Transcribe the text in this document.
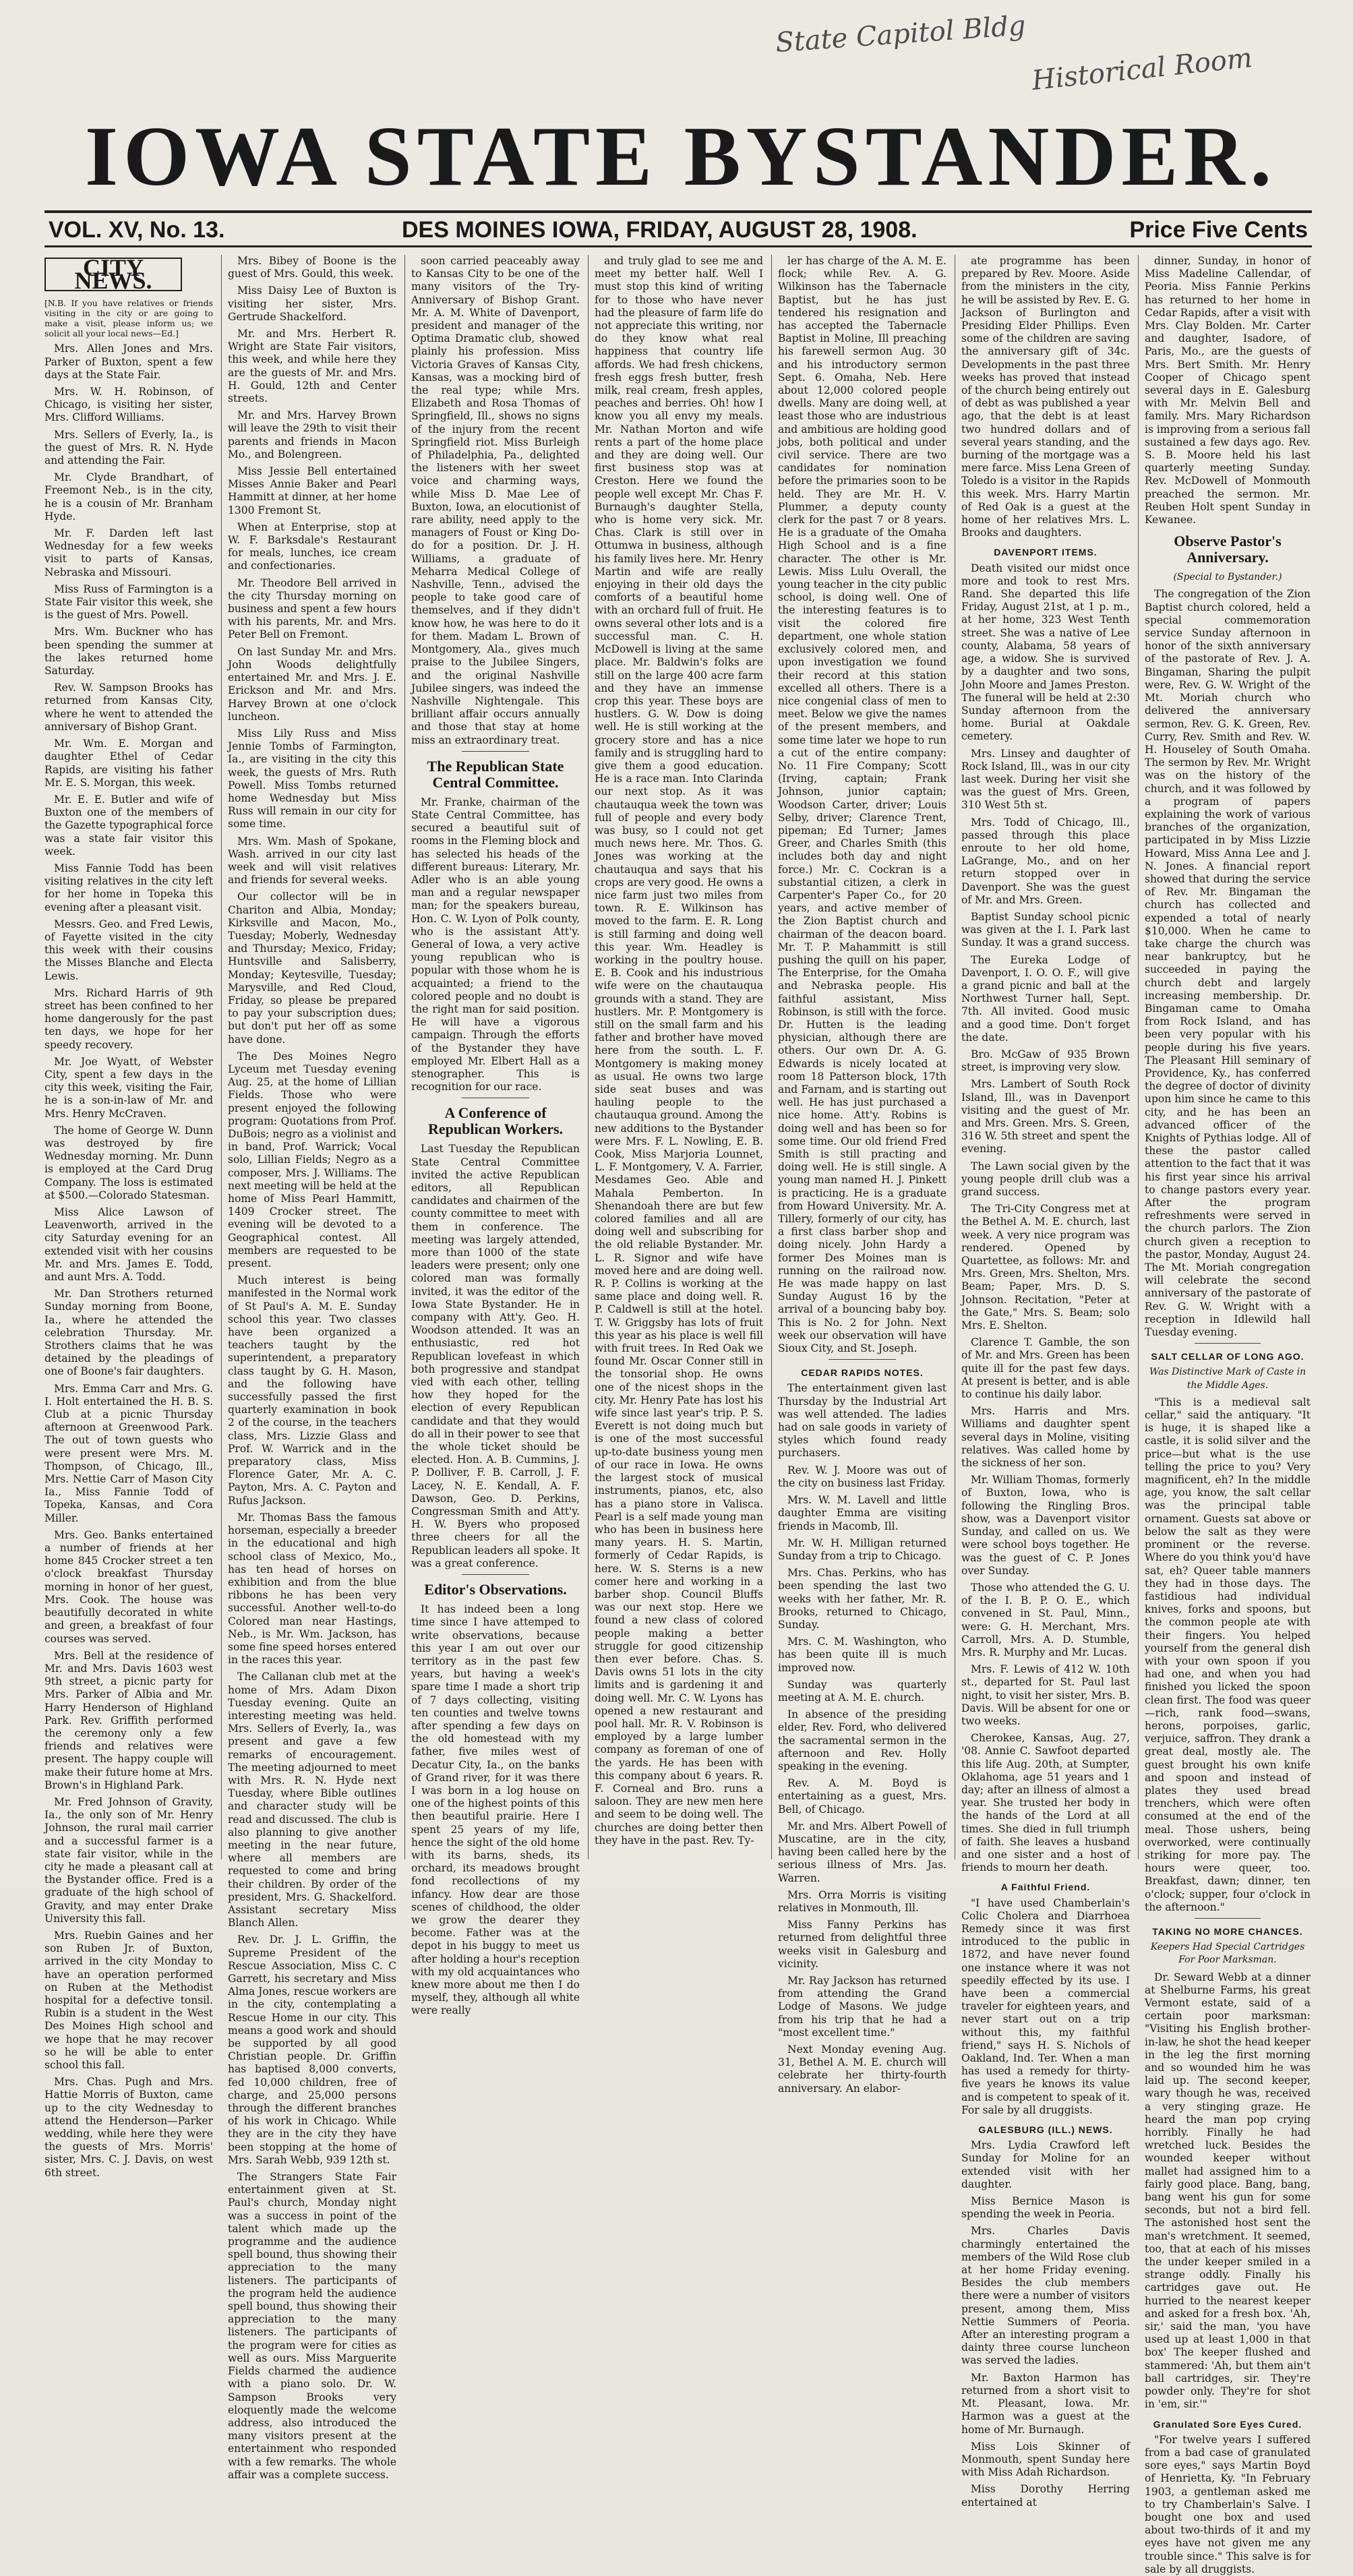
State Capitol Bldg
Historical Room
IOWA STATE BYSTANDER.
VOL. XV, No. 13.	DES MOINES IOWA, FRIDAY, AUGUST 28, 1908.	Price Five Cents
CITY NEWS.

[N.B. If you have relatives or friends visiting in the city or are going to make a visit, please inform us; we solicit all your local news—Ed.]

Mrs. Allen Jones and Mrs. Parker of Buxton, spent a few days at the State Fair.

Mrs. W. H. Robinson, of Chicago, is visiting her sister, Mrs. Clifford Williams.

Mrs. Sellers of Everly, Ia., is the guest of Mrs. R. N. Hyde and attending the Fair.

Mr. Clyde Brandhart, of Freemont Neb., is in the city, he is a cousin of Mr. Branham Hyde.

Mr. F. Darden left last Wednesday for a few weeks visit to parts of Kansas, Nebraska and Missouri.

Miss Russ of Farmington is a State Fair visitor this week, she is the guest of Mrs. Powell.

Mrs. Wm. Buckner who has been spending the summer at the lakes returned home Saturday.

Rev. W. Sampson Brooks has returned from Kansas City, where he went to attended the anniversary of Bishop Grant.

Mr. Wm. E. Morgan and daughter Ethel of Cedar Rapids, are visiting his father Mr. E. S. Morgan, this week.

Mr. E. E. Butler and wife of Buxton one of the members of the Gazette typographical force was a state fair visitor this week.

Miss Fannie Todd has been visiting relatives in the city left for her home in Topeka this evening after a pleasant visit.

Messrs. Geo. and Fred Lewis, of Fayette visited in the city this week with their cousins the Misses Blanche and Electa Lewis.

Mrs. Richard Harris of 9th street has been confined to her home dangerously for the past ten days, we hope for her speedy recovery.

Mr. Joe Wyatt, of Webster City, spent a few days in the city this week, visiting the Fair, he is a son-in-law of Mr. and Mrs. Henry McCraven.

The home of George W. Dunn was destroyed by fire Wednesday morning. Mr. Dunn is employed at the Card Drug Company. The loss is estimated at $500.—Colorado Statesman.

Miss Alice Lawson of Leavenworth, arrived in the city Saturday evening for an extended visit with her cousins Mr. and Mrs. James E. Todd, and aunt Mrs. A. Todd.

Mr. Dan Strothers returned Sunday morning from Boone, Ia., where he attended the celebration Thursday. Mr. Strothers claims that he was detained by the pleadings of one of Boone's fair daughters.

Mrs. Emma Carr and Mrs. G. I. Holt entertained the H. B. S. Club at a picnic Thursday afternoon at Greenwood Park. The out of town guests who were present were Mrs. M. Thompson, of Chicago, Ill., Mrs. Nettie Carr of Mason City Ia., Miss Fannie Todd of Topeka, Kansas, and Cora Miller.

Mrs. Geo. Banks entertained a number of friends at her home 845 Crocker street a ten o'clock breakfast Thursday morning in honor of her guest, Mrs. Cook. The house was beautifully decorated in white and green, a breakfast of four courses was served.

Mrs. Bell at the residence of Mr. and Mrs. Davis 1603 west 9th street, a picnic party for Mrs. Parker of Albia and Mr. Harry Henderson of Highland Park. Rev. Griffith performed the ceremony only a few friends and relatives were present. The happy couple will make their future home at Mrs. Brown's in Highland Park.

Mr. Fred Johnson of Gravity, Ia., the only son of Mr. Henry Johnson, the rural mail carrier and a successful farmer is a state fair visitor, while in the city he made a pleasant call at the Bystander office. Fred is a graduate of the high school of Gravity, and may enter Drake University this fall.

Mrs. Ruebin Gaines and her son Ruben Jr. of Buxton, arrived in the city Monday to have an operation performed on Ruben at the Methodist hospital for a defective tonsil. Rubin is a student in the West Des Moines High school and we hope that he may recover so he will be able to enter school this fall.

Mrs. Chas. Pugh and Mrs. Hattie Morris of Buxton, came up to the city Wednesday to attend the Henderson—Parker wedding, while here they were the guests of Mrs. Morris' sister, Mrs. C. J. Davis, on west 6th street.

Mrs. Bibey of Boone is the guest of Mrs. Gould, this week.

Miss Daisy Lee of Buxton is visiting her sister, Mrs. Gertrude Shackelford.

Mr. and Mrs. Herbert R. Wright are State Fair visitors, this week, and while here they are the guests of Mr. and Mrs. H. Gould, 12th and Center streets.

Mr. and Mrs. Harvey Brown will leave the 29th to visit their parents and friends in Macon Mo., and Bolengreen.

Miss Jessie Bell entertained Misses Annie Baker and Pearl Hammitt at dinner, at her home 1300 Fremont St.

When at Enterprise, stop at W. F. Barksdale's Restaurant for meals, lunches, ice cream and confectionaries.

Mr. Theodore Bell arrived in the city Thursday morning on business and spent a few hours with his parents, Mr. and Mrs. Peter Bell on Fremont.

On last Sunday Mr. and Mrs. John Woods delightfully entertained Mr. and Mrs. J. E. Erickson and Mr. and Mrs. Harvey Brown at one o'clock luncheon.

Miss Lily Russ and Miss Jennie Tombs of Farmington, Ia., are visiting in the city this week, the guests of Mrs. Ruth Powell. Miss Tombs returned home Wednesday but Miss Russ will remain in our city for some time.

Mrs. Wm. Mash of Spokane, Wash. arrived in our city last week and will visit relatives and friends for several weeks.

Our collector will be in Chariton and Albia, Monday; Kirksville and Macon, Mo., Tuesday; Moberly, Wednesday and Thursday; Mexico, Friday; Huntsville and Salisberry, Monday; Keytesville, Tuesday; Marysville, and Red Cloud, Friday, so please be prepared to pay your subscription dues; but don't put her off as some have done.

The Des Moines Negro Lyceum met Tuesday evening Aug. 25, at the home of Lillian Fields. Those who were present enjoyed the following program: Quotations from Prof. DuBois; negro as a violinist and in band, Prof. Warrick; Vocal solo, Lillian Fields; Negro as a composer, Mrs. J. Williams. The next meeting will be held at the home of Miss Pearl Hammitt, 1409 Crocker street. The evening will be devoted to a Geographical contest. All members are requested to be present.

Much interest is being manifested in the Normal work of St Paul's A. M. E. Sunday school this year. Two classes have been organized a teachers taught by the superintendent, a preparatory class taught by G. H. Mason, and the following have successfully passed the first quarterly examination in book 2 of the course, in the teachers class, Mrs. Lizzie Glass and Prof. W. Warrick and in the preparatory class, Miss Florence Gater, Mr. A. C. Payton, Mrs. A. C. Payton and Rufus Jackson.

Mr. Thomas Bass the famous horseman, especially a breeder in the educational and high school class of Mexico, Mo., has ten head of horses on exhibition and from the blue ribbons he has been very successful. Another well-to-do Colored man near Hastings, Neb., is Mr. Wm. Jackson, has some fine speed horses entered in the races this year.

The Callanan club met at the home of Mrs. Adam Dixon Tuesday evening. Quite an interesting meeting was held. Mrs. Sellers of Everly, Ia., was present and gave a few remarks of encouragement. The meeting adjourned to meet with Mrs. R. N. Hyde next Tuesday, where Bible outlines and character study will be read and discussed. The club is also planning to give another meeting in the near future, where all members are requested to come and bring their children. By order of the president, Mrs. G. Shackelford. Assistant secretary Miss Blanch Allen.

Rev. Dr. J. L. Griffin, the Supreme President of the Rescue Association, Miss C. C Garrett, his secretary and Miss Alma Jones, rescue workers are in the city, contemplating a Rescue Home in our city. This means a good work and should be supported by all good Christian people. Dr. Griffin has baptised 8,000 converts, fed 10,000 children, free of charge, and 25,000 persons through the different branches of his work in Chicago. While they are in the city they have been stopping at the home of Mrs. Sarah Webb, 939 12th st.

The Strangers State Fair entertainment given at St. Paul's church, Monday night was a success in point of the talent which made up the programme and the audience spell bound, thus showing their appreciation to the many listeners. The participants of the program held the audience spell bound, thus showing their appreciation to the many listeners. The participants of the program were for cities as well as ours. Miss Marguerite Fields charmed the audience with a piano solo. Dr. W. Sampson Brooks very eloquently made the welcome address, also introduced the many visitors present at the entertainment who responded with a few remarks. The whole affair was a complete success.

soon carried peaceably away to Kansas City to be one of the many visitors of the Try-Anniversary of Bishop Grant. Mr. A. M. White of Davenport, president and manager of the Optima Dramatic club, showed plainly his profession. Miss Victoria Graves of Kansas City, Kansas, was a mocking bird of the real type; while Mrs. Elizabeth and Rosa Thomas of Springfield, Ill., shows no signs of the injury from the recent Springfield riot. Miss Burleigh of Philadelphia, Pa., delighted the listeners with her sweet voice and charming ways, while Miss D. Mae Lee of Buxton, Iowa, an elocutionist of rare ability, need apply to the managers of Foust or King Do-do for a position. Dr. J. H. Williams, a graduate of Meharra Medical College of Nashville, Tenn., advised the people to take good care of themselves, and if they didn't know how, he was here to do it for them. Madam L. Brown of Montgomery, Ala., gives much praise to the Jubilee Singers, and the original Nashville Jubilee singers, was indeed the Nashville Nightengale. This brilliant affair occurs annually and those that stay at home miss an extraordinary treat.

The Republican State Central Committee.

Mr. Franke, chairman of the State Central Committee, has secured a beautiful suit of rooms in the Fleming block and has selected his heads of the different bureaus: Literary, Mr. Adler who is an able young man and a regular newspaper man; for the speakers bureau, Hon. C. W. Lyon of Polk county, who is the assistant Att'y. General of Iowa, a very active young republican who is popular with those whom he is acquainted; a friend to the colored people and no doubt is the right man for said position. He will have a vigorous campaign. Through the efforts of the Bystander they have employed Mr. Elbert Hall as a stenographer. This is recognition for our race.

A Conference of Republican Workers.

Last Tuesday the Republican State Central Committee invited the active Republican editors, all Republican candidates and chairmen of the county committee to meet with them in conference. The meeting was largely attended, more than 1000 of the state leaders were present; only one colored man was formally invited, it was the editor of the Iowa State Bystander. He in company with Att'y. Geo. H. Woodson attended. It was an enthusiastic, red hot Republican lovefeast in which both progressive and standpat vied with each other, telling how they hoped for the election of every Republican candidate and that they would do all in their power to see that the whole ticket should be elected. Hon. A. B. Cummins, J. P. Dolliver, F. B. Carroll, J. F. Lacey, N. E. Kendall, A. F. Dawson, Geo. D. Perkins, Congressman Smith and Att'y. H. W. Byers who proposed three cheers for all the Republican leaders all spoke. It was a great conference.

Editor's Observations.

It has indeed been a long time since I have attemped to write observations, because this year I am out over our territory as in the past few years, but having a week's spare time I made a short trip of 7 days collecting, visiting ten counties and twelve towns after spending a few days on the old homestead with my father, five miles west of Decatur City, Ia., on the banks of Grand river, for it was there I was born in a log house on one of the highest points of this then beautiful prairie. Here I spent 25 years of my life, hence the sight of the old home with its barns, sheds, its orchard, its meadows brought fond recollections of my infancy. How dear are those scenes of childhood, the older we grow the dearer they become. Father was at the depot in his buggy to meet us after holding a hour's reception with my old acquaintances who knew more about me then I do myself, they, although all white were really

and truly glad to see me and meet my better half. Well I must stop this kind of writing for to those who have never had the pleasure of farm life do not appreciate this writing, nor do they know what real happiness that country life affords. We had fresh chickens, fresh eggs fresh butter, fresh milk, real cream, fresh apples, peaches and berries. Oh! how I know you all envy my meals. Mr. Nathan Morton and wife rents a part of the home place and they are doing well. Our first business stop was at Creston. Here we found the people well except Mr. Chas F. Burnaugh's daughter Stella, who is home very sick. Mr. Chas. Clark is still over in Ottumwa in business, although his family lives here. Mr. Henry Martin and wife are really enjoying in their old days the comforts of a beautiful home with an orchard full of fruit. He owns several other lots and is a successful man. C. H. McDowell is living at the same place. Mr. Baldwin's folks are still on the large 400 acre farm and they have an immense crop this year. These boys are hustlers. G. W. Dow is doing well. He is still working at the grocery store and has a nice family and is struggling hard to give them a good education. He is a race man. Into Clarinda our next stop. As it was chautauqua week the town was full of people and every body was busy, so I could not get much news here. Mr. Thos. G. Jones was working at the chautauqua and says that his crops are very good. He owns a nice farm just two miles from town. R. E. Wilkinson has moved to the farm. E. R. Long is still farming and doing well this year. Wm. Headley is working in the poultry house. E. B. Cook and his industrious wife were on the chautauqua grounds with a stand. They are hustlers. Mr. P. Montgomery is still on the small farm and his father and brother have moved here from the south. L. F. Montgomery is making money as usual. He owns two large side seat buses and was hauling people to the chautauqua ground. Among the new additions to the Bystander were Mrs. F. L. Nowling, E. B. Cook, Miss Marjoria Lounnet, L. F. Montgomery, V. A. Farrier, Mesdames Geo. Able and Mahala Pemberton. In Shenandoah there are but few colored families and all are doing well and subscribing for the old reliable Bystander. Mr. L. R. Signor and wife have moved here and are doing well. R. P. Collins is working at the same place and doing well. R. P. Caldwell is still at the hotel. T. W. Griggsby has lots of fruit this year as his place is well fill with fruit trees. In Red Oak we found Mr. Oscar Conner still in the tonsorial shop. He owns one of the nicest shops in the city. Mr. Henry Pate has lost his wife since last year's trip. P. S. Everett is not doing much but is one of the most successful up-to-date business young men of our race in Iowa. He owns the largest stock of musical instruments, pianos, etc, also has a piano store in Valisca. Pearl is a self made young man who has been in business here many years. H. S. Martin, formerly of Cedar Rapids, is here. W. S. Sterns is a new comer here and working in a barber shop. Council Bluffs was our next stop. Here we found a new class of colored people making a better struggle for good citizenship then ever before. Chas. S. Davis owns 51 lots in the city limits and is gardening it and doing well. Mr. C. W. Lyons has opened a new restaurant and pool hall. Mr. R. V. Robinson is employed by a large lumber company as foreman of one of the yards. He has been with this company about 6 years. R. F. Corneal and Bro. runs a saloon. They are new men here and seem to be doing well. The churches are doing better then they have in the past. Rev. Ty-

ler has charge of the A. M. E. flock; while Rev. A. G. Wilkinson has the Tabernacle Baptist, but he has just tendered his resignation and has accepted the Tabernacle Baptist in Moline, Ill preaching his farewell sermon Aug. 30 and his introductory sermon Sept. 6. Omaha, Neb. Here about 12,000 colored people dwells. Many are doing well, at least those who are industrious and ambitious are holding good jobs, both political and under civil service. There are two candidates for nomination before the primaries soon to be held. They are Mr. H. V. Plummer, a deputy county clerk for the past 7 or 8 years. He is a graduate of the Omaha High School and is a fine character. The other is Mr. Lewis. Miss Lulu Overall, the young teacher in the city public school, is doing well. One of the interesting features is to visit the colored fire department, one whole station exclusively colored men, and upon investigation we found their record at this station excelled all others. There is a nice congenial class of men to meet. Below we give the names of the present members, and some time later we hope to run a cut of the entire company: No. 11 Fire Company; Scott (Irving, captain; Frank Johnson, junior captain; Woodson Carter, driver; Louis Selby, driver; Clarence Trent, pipeman; Ed Turner; James Greer, and Charles Smith (this includes both day and night force.) Mr. C. Cockran is a substantial citizen, a clerk in Carpenter's Paper Co., for 20 years, and active member of the Zion Baptist church and chairman of the deacon board. Mr. T. P. Mahammitt is still pushing the quill on his paper, The Enterprise, for the Omaha and Nebraska people. His faithful assistant, Miss Robinson, is still with the force. Dr. Hutten is the leading physician, although there are others. Our own Dr. A. G. Edwards is nicely located at room 18 Patterson block, 17th and Farnam, and is starting out well. He has just purchased a nice home. Att'y. Robins is doing well and has been so for some time. Our old friend Fred Smith is still practing and doing well. He is still single. A young man named H. J. Pinkett is practicing. He is a graduate from Howard University. Mr. A. Tillery, formerly of our city, has a first class barber shop and doing nicely. John Hardy a former Des Moines man is running on the railroad now. He was made happy on last Sunday August 16 by the arrival of a bouncing baby boy. This is No. 2 for John. Next week our observation will have Sioux City, and St. Joseph.

CEDAR RAPIDS NOTES.

The entertainment given last Thursday by the Industrial Art was well attended. The ladies had on sale goods in variety of styles which found ready purchasers.

Rev. W. J. Moore was out of the city on business last Friday.

Mrs. W. M. Lavell and little daughter Emma are visiting friends in Macomb, Ill.

Mr. W. H. Milligan returned Sunday from a trip to Chicago.

Mrs. Chas. Perkins, who has been spending the last two weeks with her father, Mr. R. Brooks, returned to Chicago, Sunday.

Mrs. C. M. Washington, who has been quite ill is much improved now.

Sunday was quarterly meeting at A. M. E. church.

In absence of the presiding elder, Rev. Ford, who delivered the sacramental sermon in the afternoon and Rev. Holly speaking in the evening.

Rev. A. M. Boyd is entertaining as a guest, Mrs. Bell, of Chicago.

Mr. and Mrs. Albert Powell of Muscatine, are in the city, having been called here by the serious illness of Mrs. Jas. Warren.

Mrs. Orra Morris is visiting relatives in Monmouth, Ill.

Miss Fanny Perkins has returned from delightful three weeks visit in Galesburg and vicinity.

Mr. Ray Jackson has returned from attending the Grand Lodge of Masons. We judge from his trip that he had a "most excellent time."

Next Monday evening Aug. 31, Bethel A. M. E. church will celebrate her thirty-fourth anniversary. An elabor-

ate programme has been prepared by Rev. Moore. Aside from the ministers in the city, he will be assisted by Rev. E. G. Jackson of Burlington and Presiding Elder Phillips. Even some of the children are saving the anniversary gift of 34c. Developments in the past three weeks has proved that instead of the church being entirely out of debt as was published a year ago, that the debt is at least two hundred dollars and of several years standing, and the burning of the mortgage was a mere farce. Miss Lena Green of Toledo is a visitor in the Rapids this week. Mrs. Harry Martin of Red Oak is a guest at the home of her relatives Mrs. L. Brooks and daughters.

DAVENPORT ITEMS.

Death visited our midst once more and took to rest Mrs. Rand. She departed this life Friday, August 21st, at 1 p. m., at her home, 323 West Tenth street. She was a native of Lee county, Alabama, 58 years of age, a widow. She is survived by a daughter and two sons, John Moore and James Preston. The funeral will be held at 2:30 Sunday afternoon from the home. Burial at Oakdale cemetery.

Mrs. Linsey and daughter of Rock Island, Ill., was in our city last week. During her visit she was the guest of Mrs. Green, 310 West 5th st.

Mrs. Todd of Chicago, Ill., passed through this place enroute to her old home, LaGrange, Mo., and on her return stopped over in Davenport. She was the guest of Mr. and Mrs. Green.

Baptist Sunday school picnic was given at the I. I. Park last Sunday. It was a grand success.

The Eureka Lodge of Davenport, I. O. O. F., will give a grand picnic and ball at the Northwest Turner hall, Sept. 7th. All invited. Good music and a good time. Don't forget the date.

Bro. McGaw of 935 Brown street, is improving very slow.

Mrs. Lambert of South Rock Island, Ill., was in Davenport visiting and the guest of Mr. and Mrs. Green. Mrs. S. Green, 316 W. 5th street and spent the evening.

The Lawn social given by the young people drill club was a grand success.

The Tri-City Congress met at the Bethel A. M. E. church, last week. A very nice program was rendered. Opened by Quartettee, as follows: Mr. and Mrs. Green, Mrs. Shelton, Mrs. Beam; Paper, Mrs. D. S. Johnson. Recitation, "Peter at the Gate," Mrs. S. Beam; solo Mrs. E. Shelton.

Clarence T. Gamble, the son of Mr. and Mrs. Green has been quite ill for the past few days. At present is better, and is able to continue his daily labor.

Mrs. Harris and Mrs. Williams and daughter spent several days in Moline, visiting relatives. Was called home by the sickness of her son.

Mr. William Thomas, formerly of Buxton, Iowa, who is following the Ringling Bros. show, was a Davenport visitor Sunday, and called on us. We were school boys together. He was the guest of C. P. Jones over Sunday.

Those who attended the G. U. of the I. B. P. O. E., which convened in St. Paul, Minn., were: G. H. Merchant, Mrs. Carroll, Mrs. A. D. Stumble, Mrs. R. Murphy and Mr. Lucas.

Mrs. F. Lewis of 412 W. 10th st., departed for St. Paul last night, to visit her sister, Mrs. B. Davis. Will be absent for one or two weeks.

Cherokee, Kansas, Aug. 27, '08. Annie C. Sawfoot departed this life Aug. 20th, at Sumpter, Oklahoma, age 51 years and 1 day; after an illness of almost a year. She trusted her body in the hands of the Lord at all times. She died in full triumph of faith. She leaves a husband and one sister and a host of friends to mourn her death.

A Faithful Friend.

"I have used Chamberlain's Colic Cholera and Diarrhoea Remedy since it was first introduced to the public in 1872, and have never found one instance where it was not speedily effected by its use. I have been a commercial traveler for eighteen years, and never start out on a trip without this, my faithful friend," says H. S. Nichols of Oakland, Ind. Ter. When a man has used a remedy for thirty-five years he knows its value and is competent to speak of it. For sale by all druggists.

GALESBURG (ILL.) NEWS.

Mrs. Lydia Crawford left Sunday for Moline for an extended visit with her daughter.

Miss Bernice Mason is spending the week in Peoria.

Mrs. Charles Davis charmingly entertained the members of the Wild Rose club at her home Friday evening. Besides the club members there were a number of visitors present, among them, Miss Nettie Summers of Peoria. After an interesting program a dainty three course luncheon was served the ladies.

Mr. Baxton Harmon has returned from a short visit to Mt. Pleasant, Iowa. Mr. Harmon was a guest at the home of Mr. Burnaugh.

Miss Lois Skinner of Monmouth, spent Sunday here with Miss Adah Richardson.

Miss Dorothy Herring entertained at

dinner, Sunday, in honor of Miss Madeline Callendar, of Peoria. Miss Fannie Perkins has returned to her home in Cedar Rapids, after a visit with Mrs. Clay Bolden. Mr. Carter and daughter, Isadore, of Paris, Mo., are the guests of Mrs. Bert Smith. Mr. Henry Cooper of Chicago spent several days in E. Galesburg with Mr. Melvin Bell and family. Mrs. Mary Richardson is improving from a serious fall sustained a few days ago. Rev. S. B. Moore held his last quarterly meeting Sunday. Rev. McDowell of Monmouth preached the sermon. Mr. Reuben Holt spent Sunday in Kewanee.

Observe Pastor's Anniversary.
(Special to Bystander.)

The congregation of the Zion Baptist church colored, held a special commemoration service Sunday afternoon in honor of the sixth anniversary of the pastorate of Rev. J. A. Bingaman, Sharing the pulpit were, Rev. G. W. Wright of the Mt. Moriah church who delivered the anniversary sermon, Rev. G. K. Green, Rev. Curry, Rev. Smith and Rev. W. H. Houseley of South Omaha. The sermon by Rev. Mr. Wright was on the history of the church, and it was followed by a program of papers explaining the work of various branches of the organization, participated in by Miss Lizzie Howard, Miss Anna Lee and J. N. Jones. A financial report showed that during the service of Rev. Mr. Bingaman the church has collected and expended a total of nearly $10,000. When he came to take charge the church was near bankruptcy, but he succeeded in paying the church debt and largely increasing membership. Dr. Bingaman came to Omaha from Rock Island, and has been very popular with his people during his five years. The Pleasant Hill seminary of Providence, Ky., has conferred the degree of doctor of divinity upon him since he came to this city, and he has been an advanced officer of the Knights of Pythias lodge. All of these the pastor called attention to the fact that it was his first year since his arrival to change pastors every year. After the program refreshments were served in the church parlors. The Zion church given a reception to the pastor, Monday, August 24. The Mt. Moriah congregation will celebrate the second anniversary of the pastorate of Rev. G. W. Wright with a reception in Idlewild hall Tuesday evening.

SALT CELLAR OF LONG AGO.
Was Distinctive Mark of Caste in the Middle Ages.

"This is a medieval salt cellar," said the antiquary. "It is huge, it is shaped like a castle, it is solid silver and the price—but what is the use telling the price to you? Very magnificent, eh? In the middle age, you know, the salt cellar was the principal table ornament. Guests sat above or below the salt as they were prominent or the reverse. Where do you think you'd have sat, eh? Queer table manners they had in those days. The fastidious had individual knives, forks and spoons, but the common people ate with their fingers. You helped yourself from the general dish with your own spoon if you had one, and when you had finished you licked the spoon clean first. The food was queer—rich, rank food—swans, herons, porpoises, garlic, verjuice, saffron. They drank a great deal, mostly ale. The guest brought his own knife and spoon and instead of plates they used bread trenchers, which were often consumed at the end of the meal. Those ushers, being overworked, were continually striking for more pay. The hours were queer, too. Breakfast, dawn; dinner, ten o'clock; supper, four o'clock in the afternoon."

TAKING NO MORE CHANCES.
Keepers Had Special Cartridges For Poor Marksman.

Dr. Seward Webb at a dinner at Shelburne Farms, his great Vermont estate, said of a certain poor marksman: "Visiting his English brother-in-law, he shot the head keeper in the leg the first morning and so wounded him he was laid up. The second keeper, wary though he was, received a very stinging graze. He heard the man pop crying horribly. Finally he had wretched luck. Besides the wounded keeper without mallet had assigned him to a fairly good place. Bang, bang, bang went his gun for some seconds, but not a bird fell. The astonished host sent the man's wretchment. It seemed, too, that at each of his misses the under keeper smiled in a strange oddly. Finally his cartridges gave out. He hurried to the nearest keeper and asked for a fresh box. 'Ah, sir,' said the man, 'you have used up at least 1,000 in that box' The keeper flushed and stammered: 'Ah, but them ain't ball cartridges, sir. They're powder only. They're for shot in 'em, sir.'"

Granulated Sore Eyes Cured.

"For twelve years I suffered from a bad case of granulated sore eyes," says Martin Boyd of Henrietta, Ky. "In February 1903, a gentleman asked me to try Chamberlain's Salve. I bought one box and used about two-thirds of it and my eyes have not given me any trouble since." This salve is for sale by all druggists.
